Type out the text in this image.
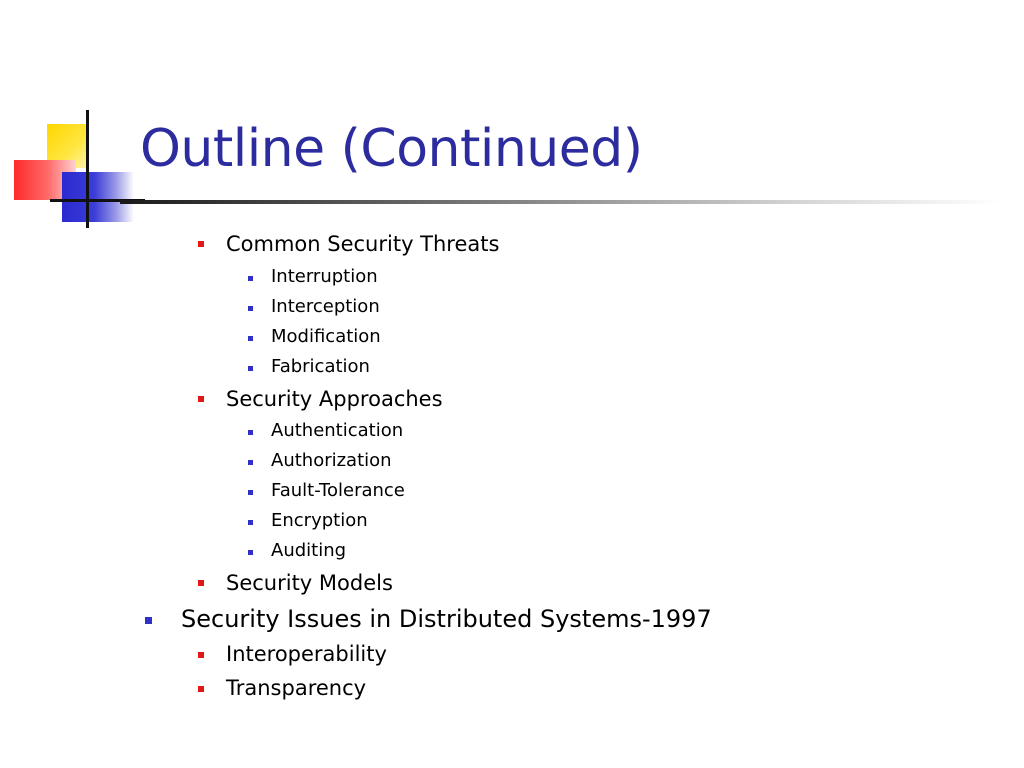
Outline (Continued)
Common Security Threats
Interruption
Interception
Modification
Fabrication
Security Approaches
Authentication
Authorization
Fault-Tolerance
Encryption
Auditing
Security Models
Security Issues in Distributed Systems-1997
Interoperability
Transparency
